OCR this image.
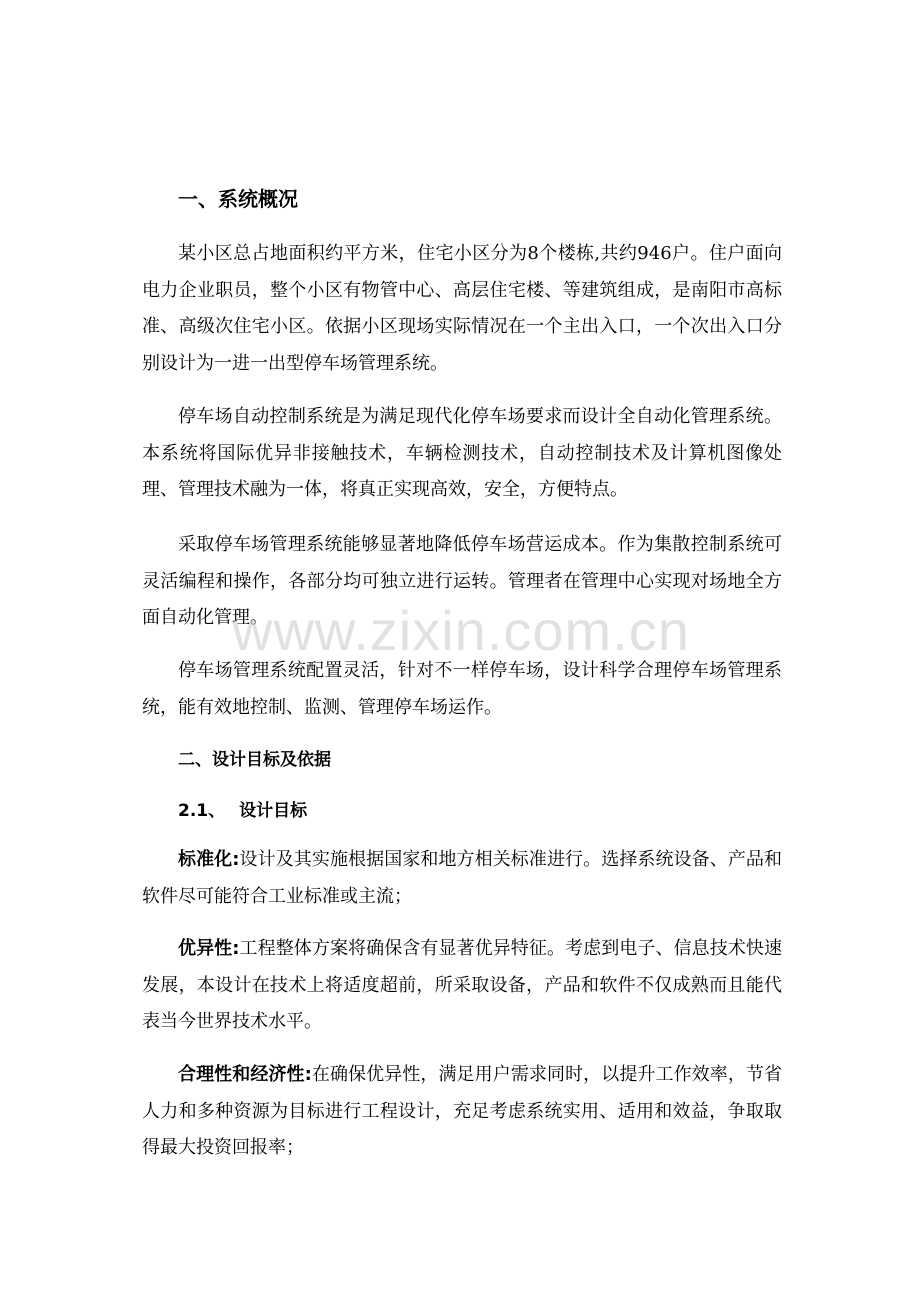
一、系统概况

某小区总占地面积约平方米，住宅小区分为8个楼栋,共约946户。住户面向电力企业职员，整个小区有物管中心、高层住宅楼、等建筑组成，是南阳市高标准、高级次住宅小区。依据小区现场实际情况在一个主出入口，一个次出入口分别设计为一进一出型停车场管理系统。

停车场自动控制系统是为满足现代化停车场要求而设计全自动化管理系统。本系统将国际优异非接触技术，车辆检测技术，自动控制技术及计算机图像处理、管理技术融为一体，将真正实现高效，安全，方便特点。

采取停车场管理系统能够显著地降低停车场营运成本。作为集散控制系统可灵活编程和操作，各部分均可独立进行运转。管理者在管理中心实现对场地全方面自动化管理。

停车场管理系统配置灵活，针对不一样停车场，设计科学合理停车场管理系统，能有效地控制、监测、管理停车场运作。

二、设计目标及依据
2.1、 设计目标

标准化:设计及其实施根据国家和地方相关标准进行。选择系统设备、产品和软件尽可能符合工业标准或主流；

优异性:工程整体方案将确保含有显著优异特征。考虑到电子、信息技术快速发展，本设计在技术上将适度超前，所采取设备，产品和软件不仅成熟而且能代表当今世界技术水平。

合理性和经济性:在确保优异性，满足用户需求同时，以提升工作效率，节省人力和多种资源为目标进行工程设计，充足考虑系统实用、适用和效益，争取取得最大投资回报率；

www.zixin.com.cn
